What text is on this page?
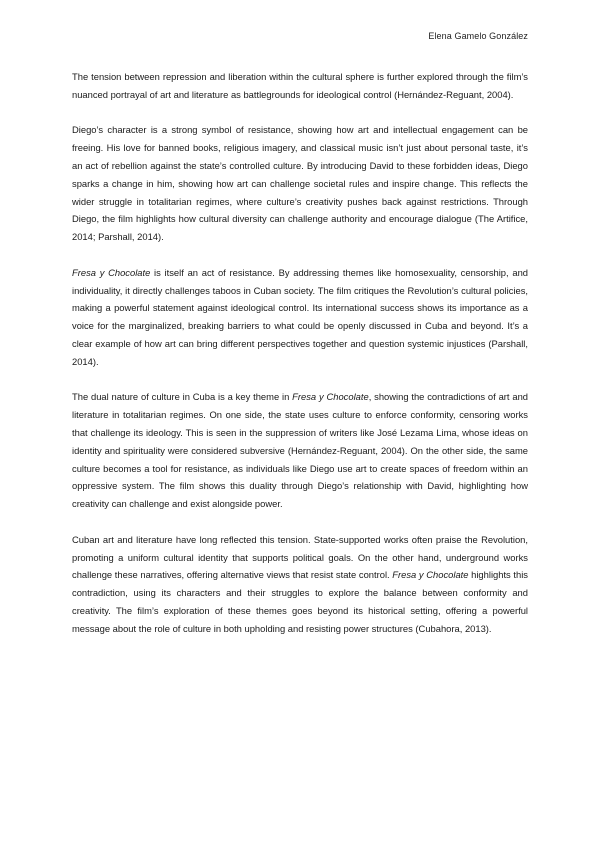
Elena Gamelo González

The tension between repression and liberation within the cultural sphere is further explored through the film’s nuanced portrayal of art and literature as battlegrounds for ideological control (Hernández-Reguant, 2004).

Diego’s character is a strong symbol of resistance, showing how art and intellectual engagement can be freeing. His love for banned books, religious imagery, and classical music isn’t just about personal taste, it’s an act of rebellion against the state’s controlled culture. By introducing David to these forbidden ideas, Diego sparks a change in him, showing how art can challenge societal rules and inspire change. This reflects the wider struggle in totalitarian regimes, where culture’s creativity pushes back against restrictions. Through Diego, the film highlights how cultural diversity can challenge authority and encourage dialogue (The Artifice, 2014; Parshall, 2014).

Fresa y Chocolate is itself an act of resistance. By addressing themes like homosexuality, censorship, and individuality, it directly challenges taboos in Cuban society. The film critiques the Revolution’s cultural policies, making a powerful statement against ideological control. Its international success shows its importance as a voice for the marginalized, breaking barriers to what could be openly discussed in Cuba and beyond. It’s a clear example of how art can bring different perspectives together and question systemic injustices (Parshall, 2014).

The dual nature of culture in Cuba is a key theme in Fresa y Chocolate, showing the contradictions of art and literature in totalitarian regimes. On one side, the state uses culture to enforce conformity, censoring works that challenge its ideology. This is seen in the suppression of writers like José Lezama Lima, whose ideas on identity and spirituality were considered subversive (Hernández-Reguant, 2004). On the other side, the same culture becomes a tool for resistance, as individuals like Diego use art to create spaces of freedom within an oppressive system. The film shows this duality through Diego’s relationship with David, highlighting how creativity can challenge and exist alongside power.

Cuban art and literature have long reflected this tension. State-supported works often praise the Revolution, promoting a uniform cultural identity that supports political goals. On the other hand, underground works challenge these narratives, offering alternative views that resist state control. Fresa y Chocolate highlights this contradiction, using its characters and their struggles to explore the balance between conformity and creativity. The film’s exploration of these themes goes beyond its historical setting, offering a powerful message about the role of culture in both upholding and resisting power structures (Cubahora, 2013).
